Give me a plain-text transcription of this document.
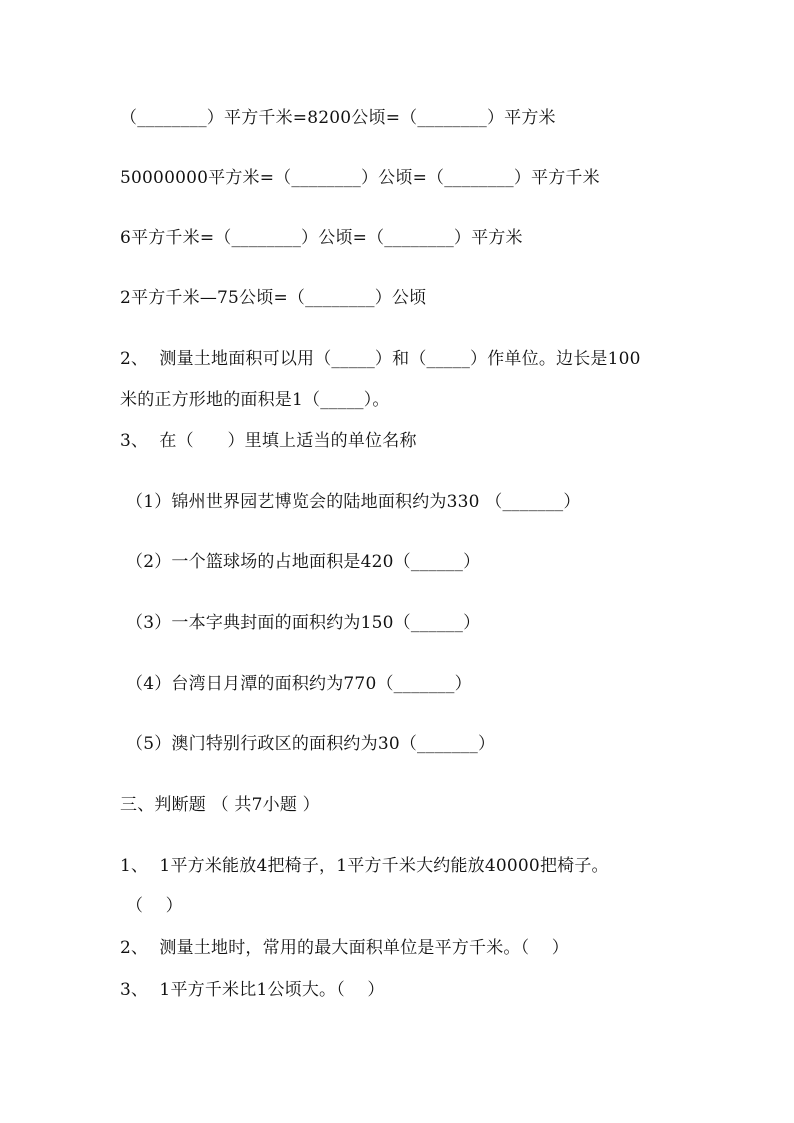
（________）平方千米=8200公顷=（________）平方米
50000000平方米=（________）公顷=（________）平方千米
6平方千米=（________）公顷=（________）平方米
2平方千米—75公顷=（________）公顷
2、  测量土地面积可以用（_____）和（_____）作单位。边长是100
米的正方形地的面积是1（_____）。
3、  在（      ）里填上适当的单位名称
（1）锦州世界园艺博览会的陆地面积约为330 （_______）
（2）一个篮球场的占地面积是420（______）
（3）一本字典封面的面积约为150（______）
（4）台湾日月潭的面积约为770（_______）
（5）澳门特别行政区的面积约为30（_______）
三、判断题 （ 共7小题 ）
1、  1平方米能放4把椅子，1平方千米大约能放40000把椅子。
（    ）
2、  测量土地时，常用的最大面积单位是平方千米。（    ）
3、  1平方千米比1公顷大。（    ）
